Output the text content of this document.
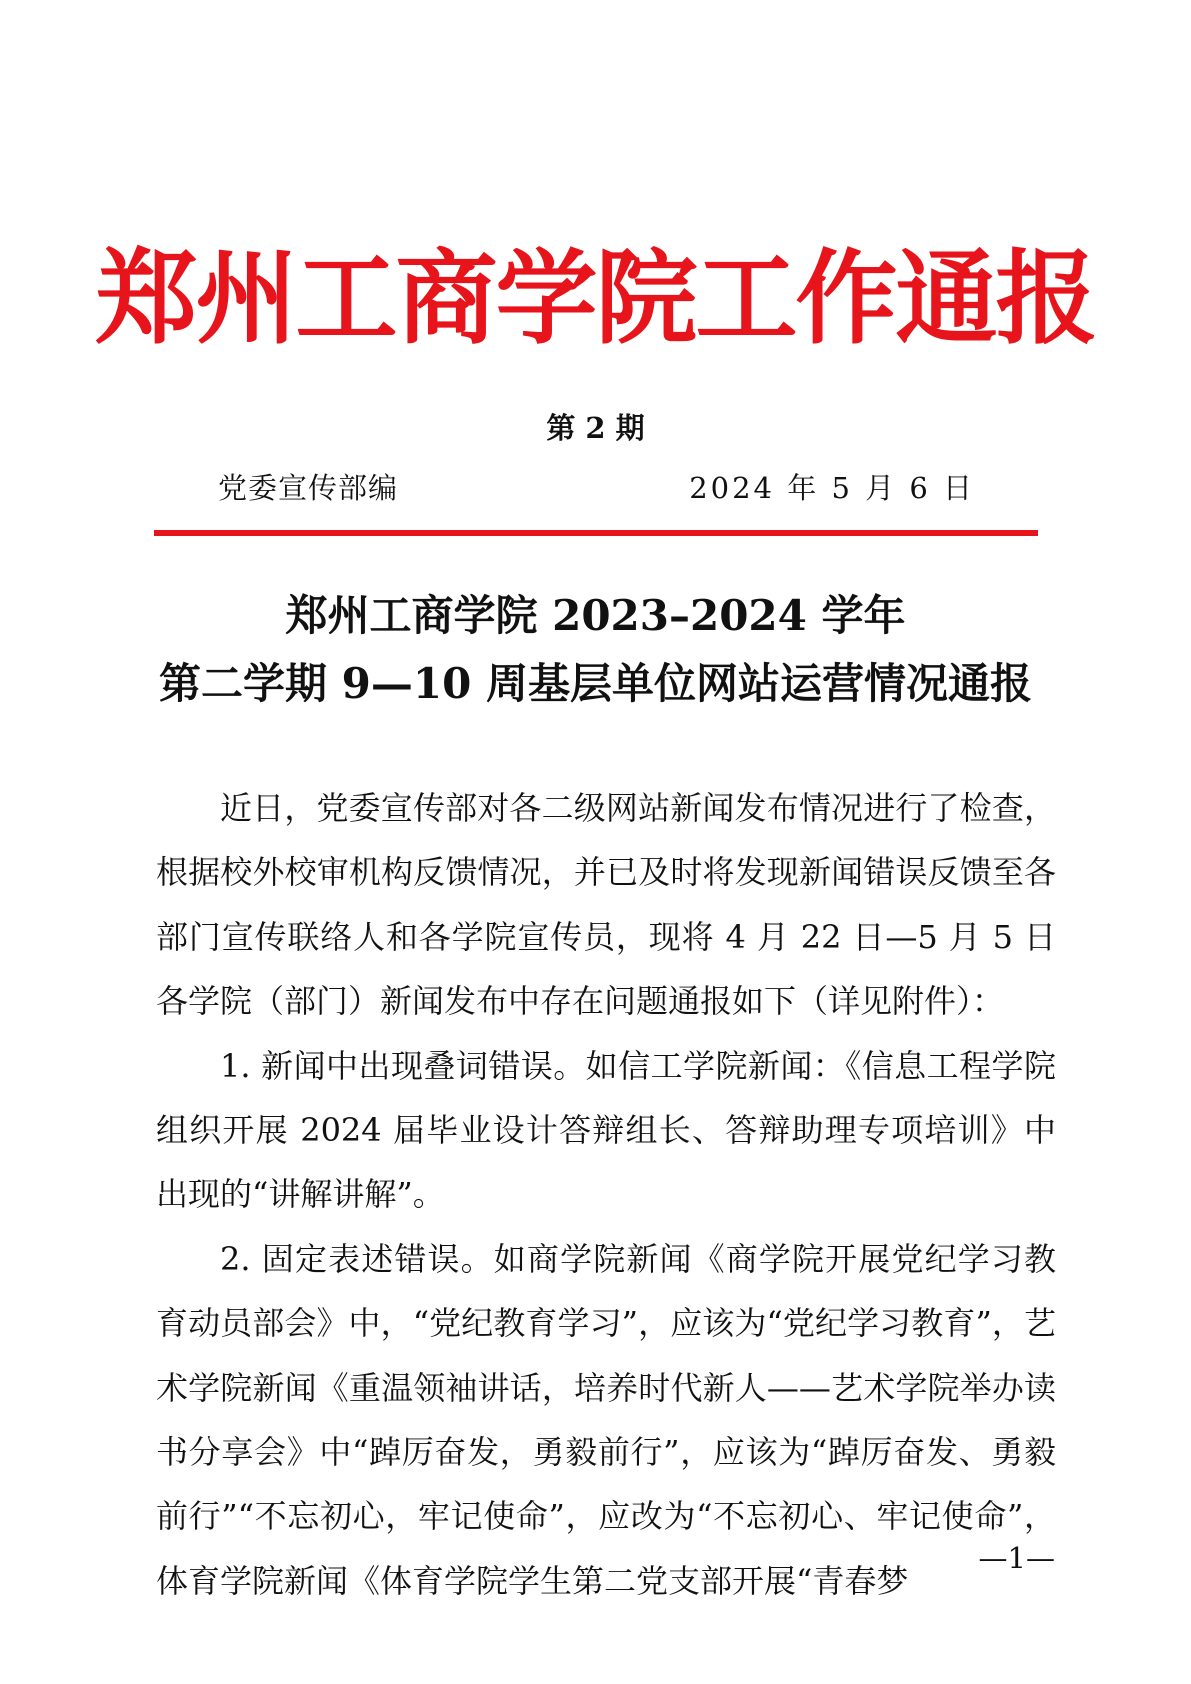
郑州工商学院工作通报
第 2 期
党委宣传部编	2024 年 5 月 6 日
郑州工商学院 2023–2024 学年
第二学期 9—10 周基层单位网站运营情况通报

近日，党委宣传部对各二级网站新闻发布情况进行了检查，根据校外校审机构反馈情况，并已及时将发现新闻错误反馈至各部门宣传联络人和各学院宣传员，现将 4 月 22 日—5 月 5 日各学院（部门）新闻发布中存在问题通报如下（详见附件）：

1. 新闻中出现叠词错误。如信工学院新闻：《信息工程学院组织开展 2024 届毕业设计答辩组长、答辩助理专项培训》中出现的“讲解讲解”。

2. 固定表述错误。如商学院新闻《商学院开展党纪学习教育动员部会》中，“党纪教育学习”，应该为“党纪学习教育”，艺术学院新闻《重温领袖讲话，培养时代新人——艺术学院举办读书分享会》中“踔厉奋发，勇毅前行”，应该为“踔厉奋发、勇毅前行”“不忘初心，牢记使命”，应改为“不忘初心、牢记使命”，体育学院新闻《体育学院学生第二党支部开展“青春梦

—1—
